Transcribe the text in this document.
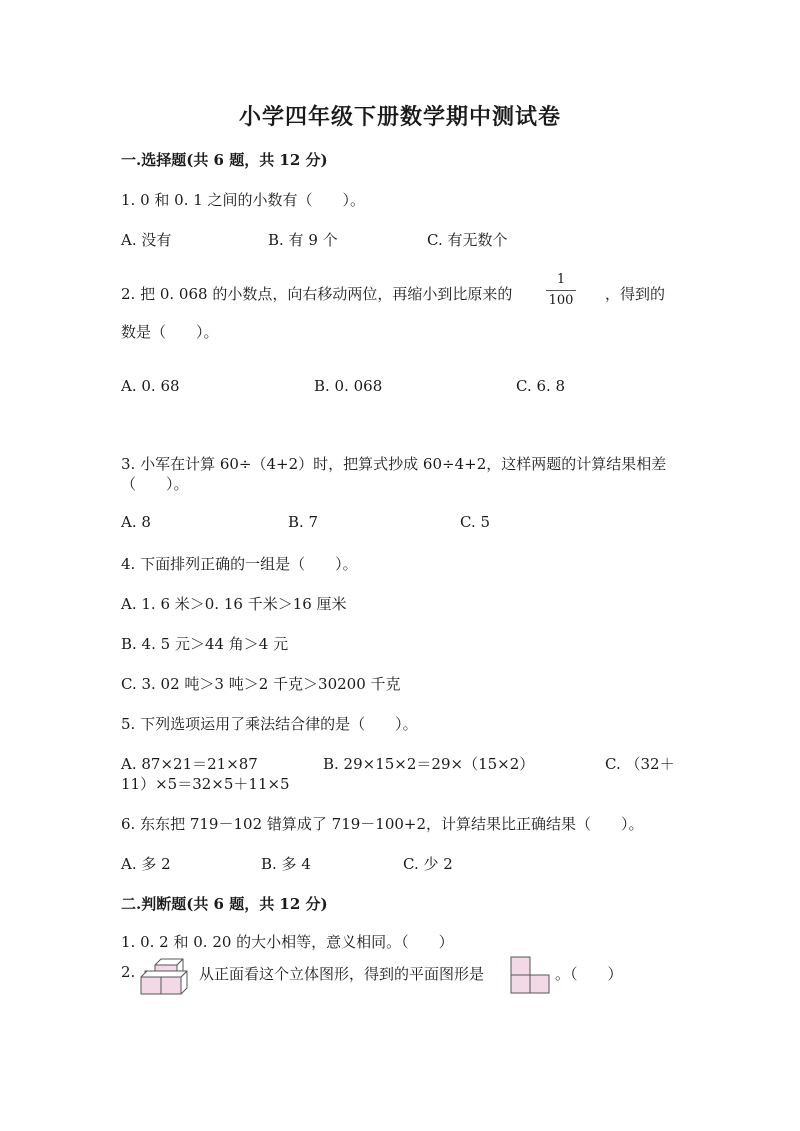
小学四年级下册数学期中测试卷
一.选择题(共 6 题，共 12 分)
1. 0 和 0. 1 之间的小数有（　　）。
A. 没有	B. 有 9 个	C. 有无数个
2. 把 0. 068 的小数点，向右移动两位，再缩小到比原来的
1
100 ，得到的
数是（　　）。
A. 0. 68	B. 0. 068	C. 6. 8
3. 小军在计算 60÷（4+2）时，把算式抄成 60÷4+2，这样两题的计算结果相差
（　　）。
A. 8	B. 7	C. 5
4. 下面排列正确的一组是（　　）。
A. 1. 6 米＞0. 16 千米＞16 厘米
B. 4. 5 元＞44 角＞4 元
C. 3. 02 吨＞3 吨＞2 千克＞30200 千克
5. 下列选项运用了乘法结合律的是（　　）。
A. 87×21＝21×87	B. 29×15×2＝29×（15×2）	C. （32＋
11）×5＝32×5＋11×5
6. 东东把 719－102 错算成了 719－100+2，计算结果比正确结果（　　）。
A. 多 2	B. 多 4	C. 少 2
二.判断题(共 6 题，共 12 分)
1. 0. 2 和 0. 20 的大小相等，意义相同。（　　）
2.	从正面看这个立体图形，得到的平面图形是	。（　　）
